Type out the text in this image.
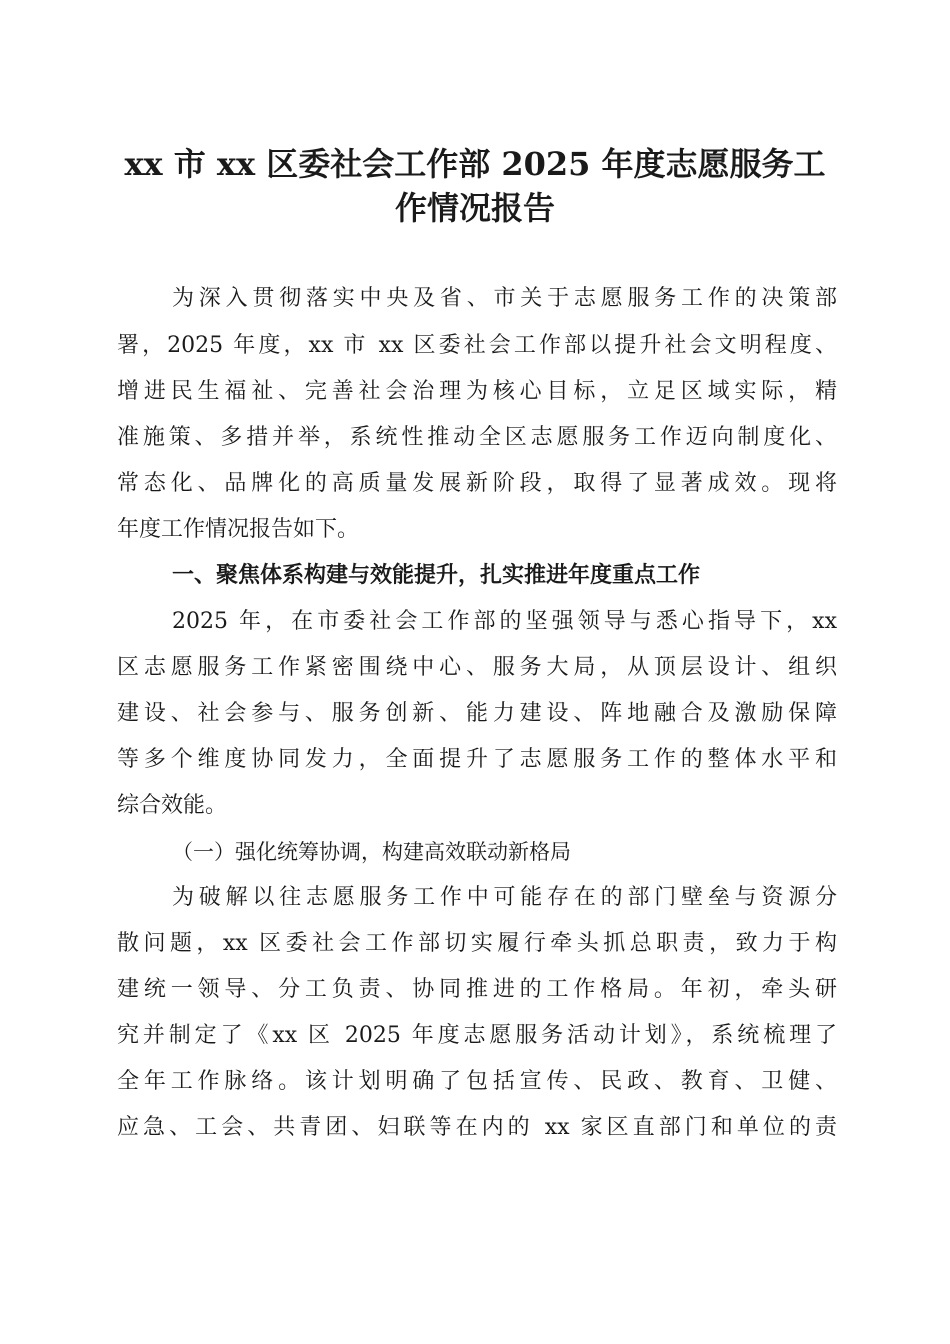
xx 市 xx 区委社会工作部 2025 年度志愿服务工
作情况报告
为深入贯彻落实中央及省、市关于志愿服务工作的决策部
署，2025 年度，xx 市 xx 区委社会工作部以提升社会文明程度、
增进民生福祉、完善社会治理为核心目标，立足区域实际，精
准施策、多措并举，系统性推动全区志愿服务工作迈向制度化、
常态化、品牌化的高质量发展新阶段，取得了显著成效。现将
年度工作情况报告如下。
一、聚焦体系构建与效能提升，扎实推进年度重点工作
2025 年，在市委社会工作部的坚强领导与悉心指导下，xx
区志愿服务工作紧密围绕中心、服务大局，从顶层设计、组织
建设、社会参与、服务创新、能力建设、阵地融合及激励保障
等多个维度协同发力，全面提升了志愿服务工作的整体水平和
综合效能。
（一）强化统筹协调，构建高效联动新格局
为破解以往志愿服务工作中可能存在的部门壁垒与资源分
散问题，xx 区委社会工作部切实履行牵头抓总职责，致力于构
建统一领导、分工负责、协同推进的工作格局。年初，牵头研
究并制定了《xx 区 2025 年度志愿服务活动计划》，系统梳理了
全年工作脉络。该计划明确了包括宣传、民政、教育、卫健、
应急、工会、共青团、妇联等在内的 xx 家区直部门和单位的责
